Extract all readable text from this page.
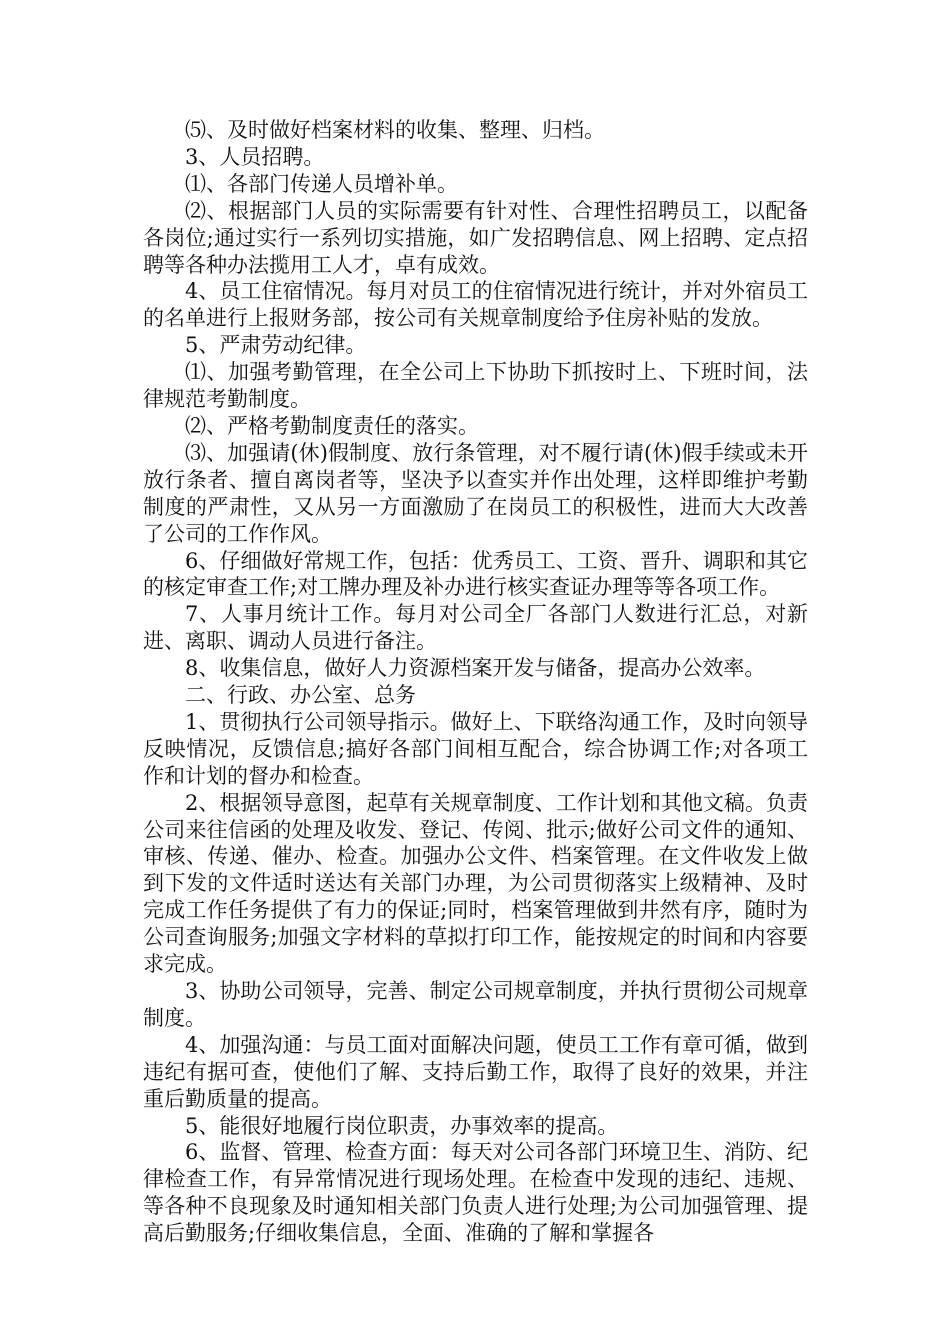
⑸、及时做好档案材料的收集、整理、归档。

3、人员招聘。

⑴、各部门传递人员增补单。

⑵、根据部门人员的实际需要有针对性、合理性招聘员工，以配备各岗位;通过实行一系列切实措施，如广发招聘信息、网上招聘、定点招聘等各种办法揽用工人才，卓有成效。

4、员工住宿情况。每月对员工的住宿情况进行统计，并对外宿员工的名单进行上报财务部，按公司有关规章制度给予住房补贴的发放。

5、严肃劳动纪律。

⑴、加强考勤管理，在全公司上下协助下抓按时上、下班时间，法律规范考勤制度。

⑵、严格考勤制度责任的落实。

⑶、加强请(休)假制度、放行条管理，对不履行请(休)假手续或未开放行条者、擅自离岗者等，坚决予以查实并作出处理，这样即维护考勤制度的严肃性，又从另一方面激励了在岗员工的积极性，进而大大改善了公司的工作作风。

6、仔细做好常规工作，包括：优秀员工、工资、晋升、调职和其它的核定审查工作;对工牌办理及补办进行核实查证办理等等各项工作。

7、人事月统计工作。每月对公司全厂各部门人数进行汇总，对新进、离职、调动人员进行备注。

8、收集信息，做好人力资源档案开发与储备，提高办公效率。

二、行政、办公室、总务

1、贯彻执行公司领导指示。做好上、下联络沟通工作，及时向领导反映情况，反馈信息;搞好各部门间相互配合，综合协调工作;对各项工作和计划的督办和检查。

2、根据领导意图，起草有关规章制度、工作计划和其他文稿。负责公司来往信函的处理及收发、登记、传阅、批示;做好公司文件的通知、审核、传递、催办、检查。加强办公文件、档案管理。在文件收发上做到下发的文件适时送达有关部门办理，为公司贯彻落实上级精神、及时完成工作任务提供了有力的保证;同时，档案管理做到井然有序，随时为公司查询服务;加强文字材料的草拟打印工作，能按规定的时间和内容要求完成。

3、协助公司领导，完善、制定公司规章制度，并执行贯彻公司规章制度。

4、加强沟通：与员工面对面解决问题，使员工工作有章可循，做到违纪有据可查，使他们了解、支持后勤工作，取得了良好的效果，并注重后勤质量的提高。

5、能很好地履行岗位职责，办事效率的提高。

6、监督、管理、检查方面：每天对公司各部门环境卫生、消防、纪律检查工作，有异常情况进行现场处理。在检查中发现的违纪、违规、等各种不良现象及时通知相关部门负责人进行处理;为公司加强管理、提高后勤服务;仔细收集信息，全面、准确的了解和掌握各
